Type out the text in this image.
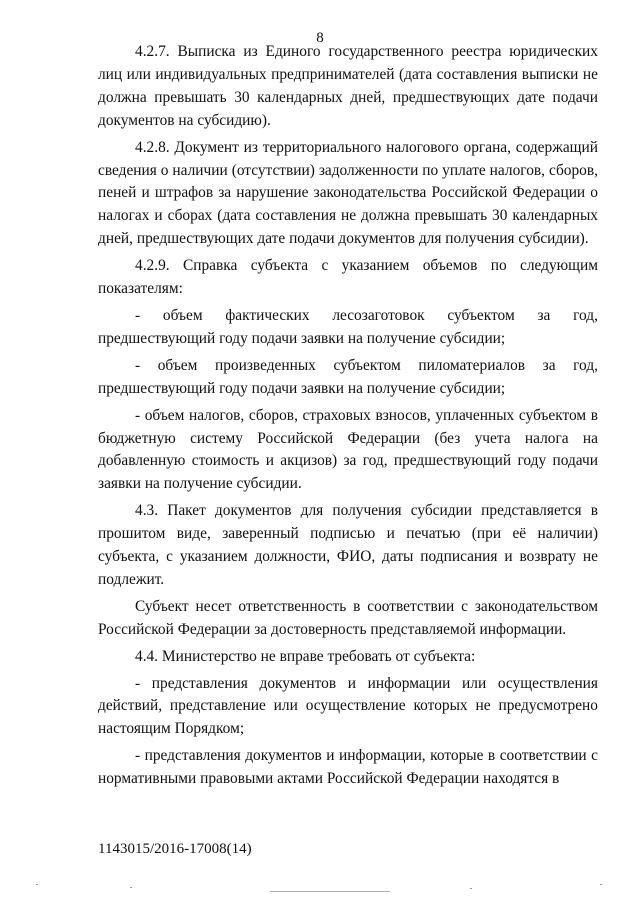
8

4.2.7. Выписка из Единого государственного реестра юридических лиц или индивидуальных предпринимателей (дата составления выписки не должна превышать 30 календарных дней, предшествующих дате подачи документов на субсидию).

4.2.8. Документ из территориального налогового органа, содержащий сведения о наличии (отсутствии) задолженности по уплате налогов, сборов, пеней и штрафов за нарушение законодательства Российской Федерации о налогах и сборах (дата составления не должна превышать 30 календарных дней, предшествующих дате подачи документов для получения субсидии).

4.2.9. Справка субъекта с указанием объемов по следующим показателям:

- объем фактических лесозаготовок субъектом за год, предшествующий году подачи заявки на получение субсидии;

- объем произведенных субъектом пиломатериалов за год, предшествующий году подачи заявки на получение субсидии;

- объем налогов, сборов, страховых взносов, уплаченных субъектом в бюджетную систему Российской Федерации (без учета налога на добавленную стоимость и акцизов) за год, предшествующий году подачи заявки на получение субсидии.

4.3. Пакет документов для получения субсидии представляется в прошитом виде, заверенный подписью и печатью (при её наличии) субъекта, с указанием должности, ФИО, даты подписания и возврату не подлежит.

Субъект несет ответственность в соответствии с законодательством Российской Федерации за достоверность представляемой информации.

4.4. Министерство не вправе требовать от субъекта:

- представления документов и информации или осуществления действий, представление или осуществление которых не предусмотрено настоящим Порядком;

- представления документов и информации, которые в соответствии с нормативными правовыми актами Российской Федерации находятся в

1143015/2016-17008(14)
